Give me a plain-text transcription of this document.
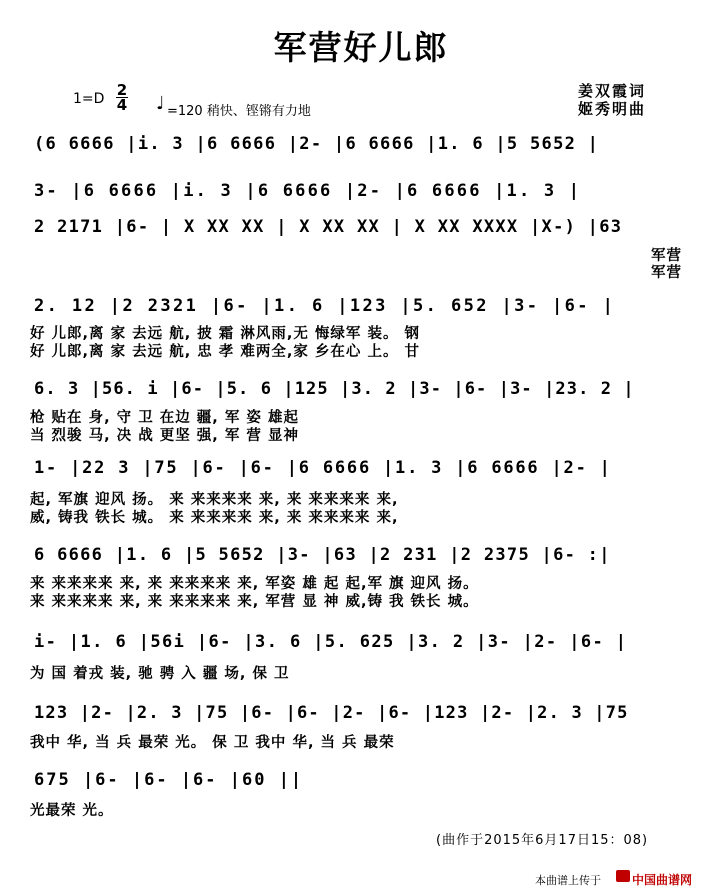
军营好儿郎
$1=D \frac{2}{4}$ ♩ =120 稍快、铿锵有力地
姜双霞词
姬秀明曲
(6 6666 |i. 3 |6 6666 |2- |6 6666 |1. 6 |5 5652 |
3- |6 6666 |i. 3 |6 6666 |2- |6 6666 |1. 3 |
2 2171 |6- | X XX XX | X XX XX | X XX XXXX |X-) |63
军营
军营
2. 12 |2 2321 |6- |1. 6 |123 |5. 652 |3- |6- |
好 儿郎,离 家 去远 航, 披 霜 淋风雨,无 悔绿军 装。 钢
好 儿郎,离 家 去远 航, 忠 孝 难两全,家 乡在心 上。 甘
6. 3 |56. i |6- |5. 6 |125 |3. 2 |3- |6- |3- |23. 2 |
枪 贴在 身, 守 卫 在边 疆, 军 姿 雄起
当 烈骏 马, 决 战 更坚 强, 军 营 显神
1- |22 3 |75 |6- |6- |6 6666 |1. 3 |6 6666 |2- |
起, 军旗 迎风 扬。 来 来来来来 来, 来 来来来来 来,
威, 铸我 铁长 城。 来 来来来来 来, 来 来来来来 来,
6 6666 |1. 6 |5 5652 |3- |63 |2 231 |2 2375 |6- :|
来 来来来来 来, 来 来来来来 来, 军姿 雄 起 起,军 旗 迎风 扬。
来 来来来来 来, 来 来来来来 来, 军营 显 神 威,铸 我 铁长 城。
i- |1. 6 |56i |6- |3. 6 |5. 625 |3. 2 |3- |2- |6- |
为 国 着戎 装, 驰 骋 入 疆 场, 保 卫
123 |2- |2. 3 |75 |6- |6- |2- |6- |123 |2- |2. 3 |75
我中 华, 当 兵 最荣 光。 保 卫 我中 华, 当 兵 最荣
675 |6- |6- |6- |60 ||
光最荣 光。
(曲作于2015年6月17日15：08)
本曲谱上传于	中国曲谱网
